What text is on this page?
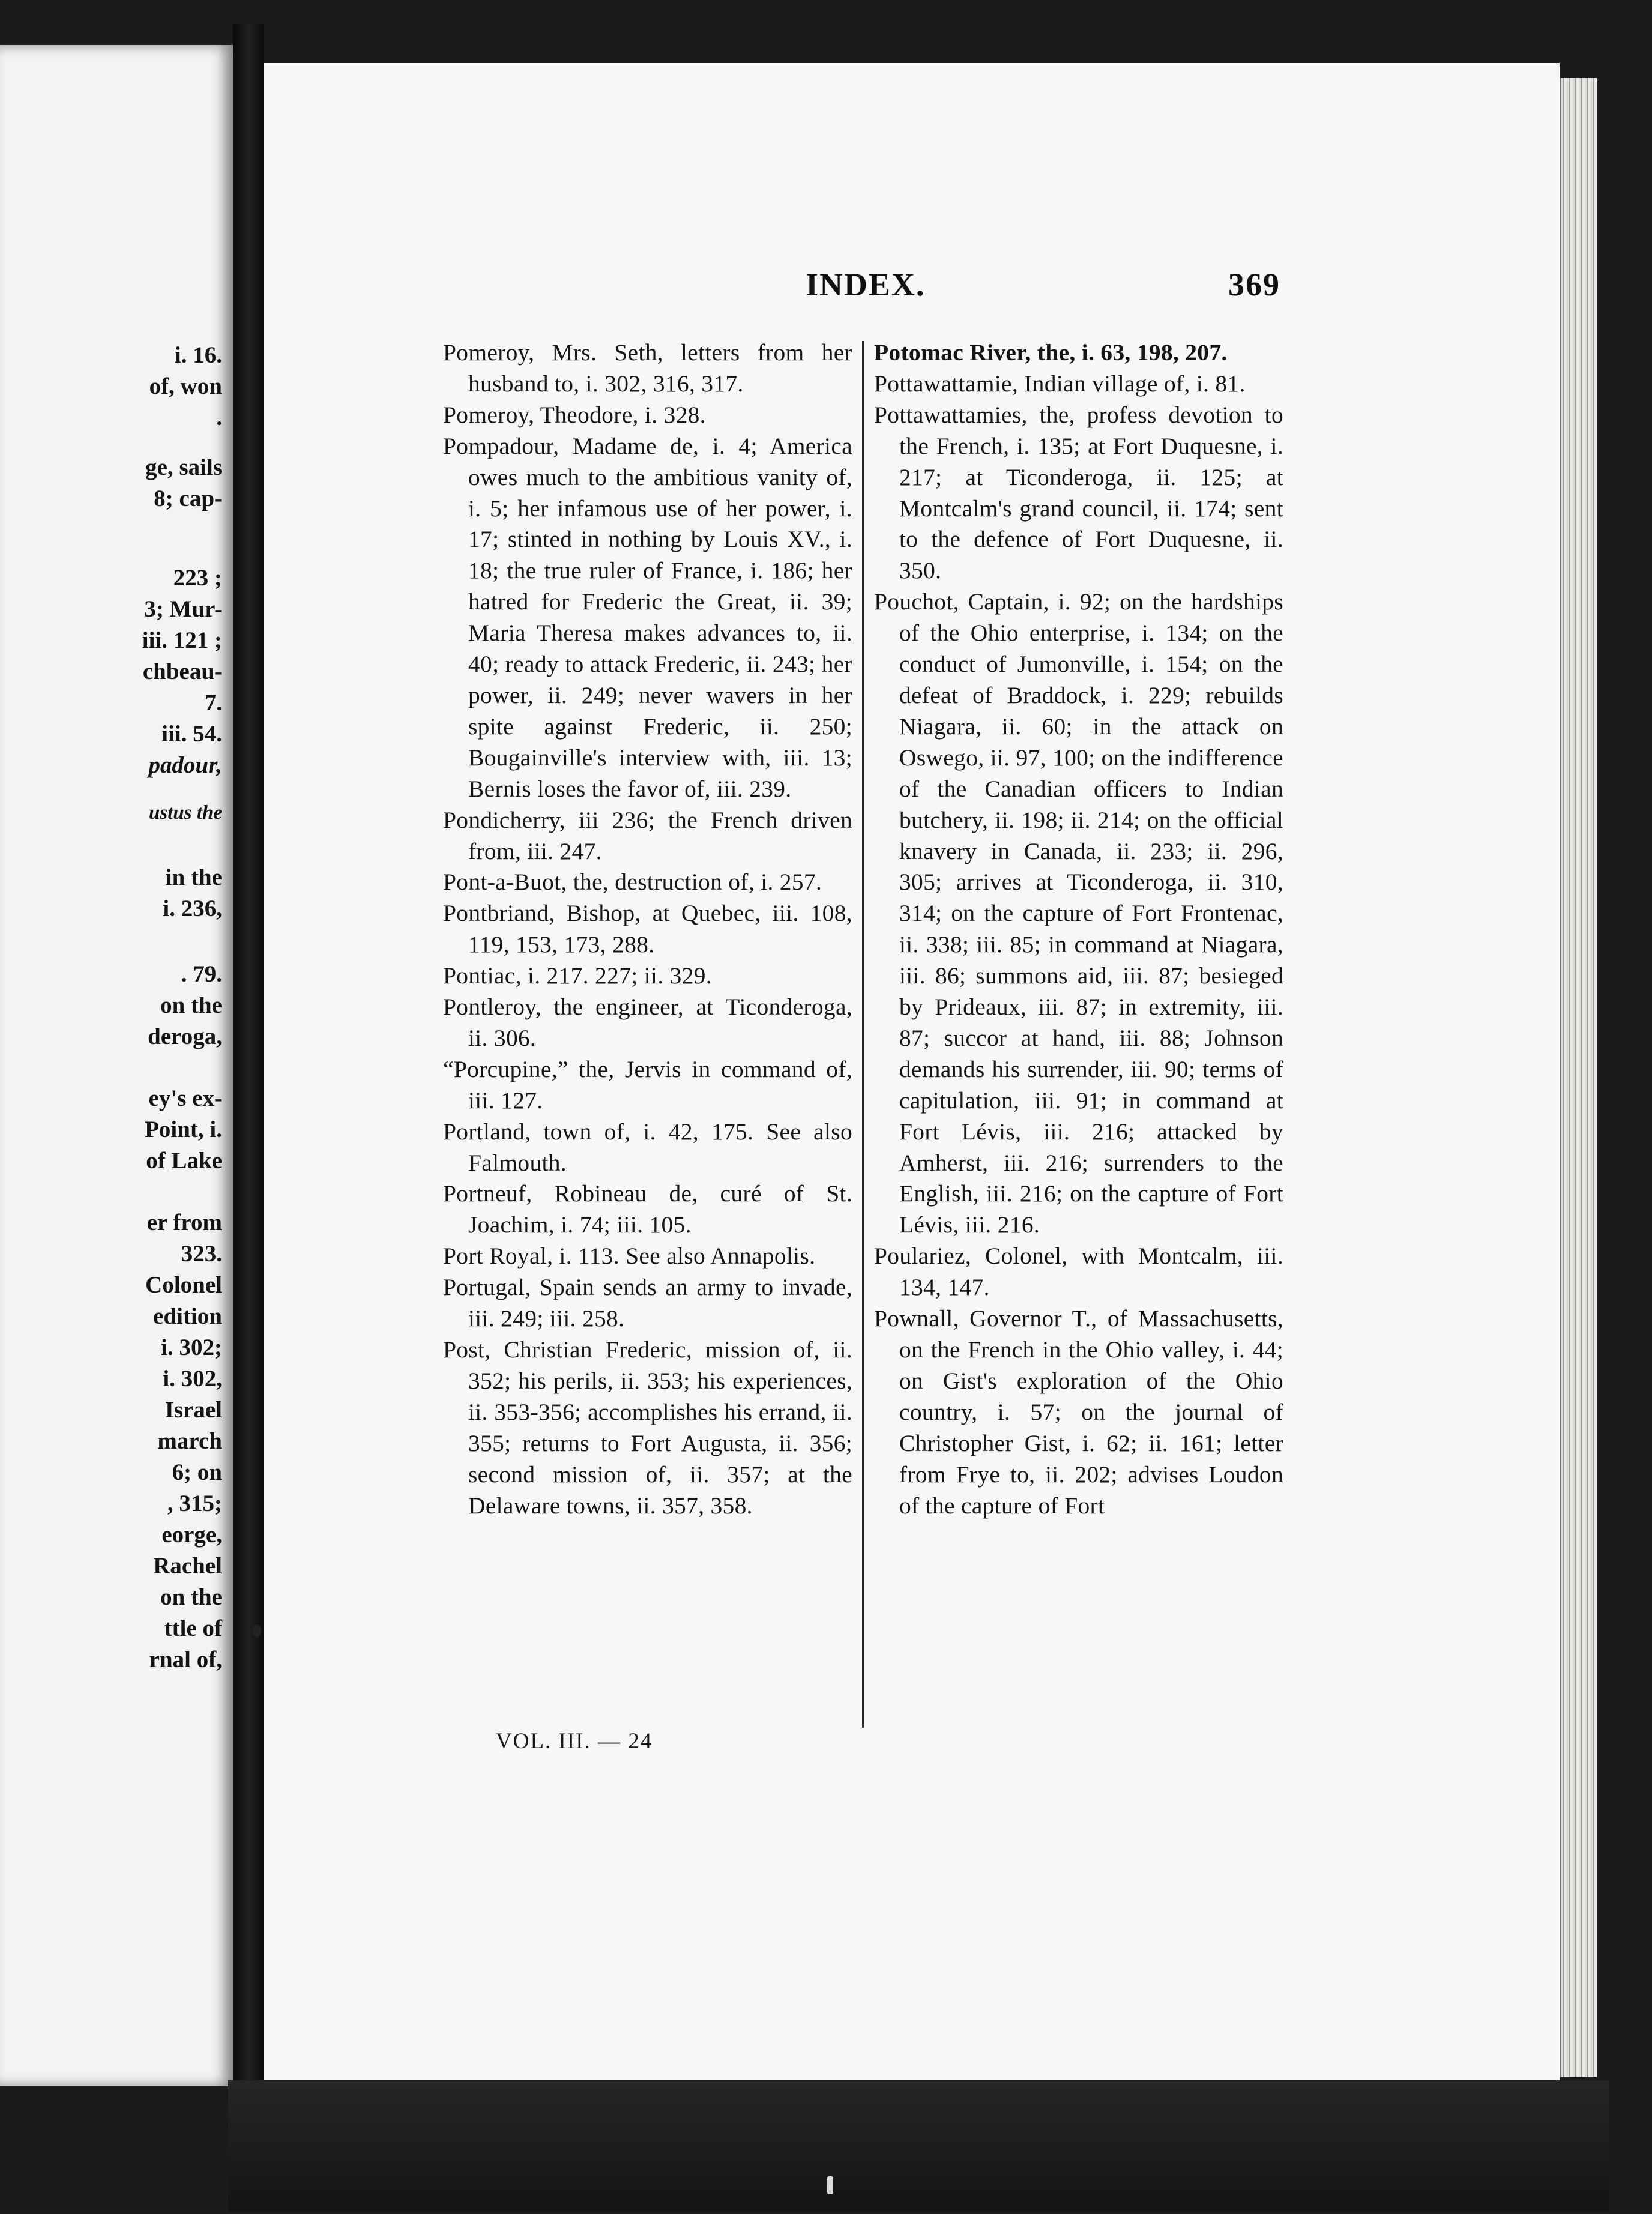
i. 16.
of, won
.
ge, sails
8; cap-
223 ;
3; Mur-
iii. 121 ;
chbeau-
7.
iii. 54.
padour,
ustus the
in the
i. 236,
. 79.
on the
deroga,
ey's ex-
Point, i.
of Lake
er from
323.
Colonel
edition
i. 302;
i. 302,
Israel
march
6; on
, 315;
eorge,
Rachel
on the
ttle of
rnal of,
INDEX.	369

Pomeroy, Mrs. Seth, letters from her husband to, i. 302, 316, 317.

Pomeroy, Theodore, i. 328.

Pompadour, Madame de, i. 4; America owes much to the ambitious vanity of, i. 5; her infamous use of her power, i. 17; stinted in nothing by Louis XV., i. 18; the true ruler of France, i. 186; her hatred for Frederic the Great, ii. 39; Maria Theresa makes advances to, ii. 40; ready to attack Frederic, ii. 243; her power, ii. 249; never wavers in her spite against Frederic, ii. 250; Bougainville's interview with, iii. 13; Bernis loses the favor of, iii. 239.

Pondicherry, iii 236; the French driven from, iii. 247.

Pont-a-Buot, the, destruction of, i. 257.

Pontbriand, Bishop, at Quebec, iii. 108, 119, 153, 173, 288.

Pontiac, i. 217. 227; ii. 329.

Pontleroy, the engineer, at Ticonderoga, ii. 306.

“Porcupine,” the, Jervis in command of, iii. 127.

Portland, town of, i. 42, 175. See also Falmouth.

Portneuf, Robineau de, curé of St. Joachim, i. 74; iii. 105.

Port Royal, i. 113. See also Annapolis.

Portugal, Spain sends an army to invade, iii. 249; iii. 258.

Post, Christian Frederic, mission of, ii. 352; his perils, ii. 353; his experiences, ii. 353-356; accomplishes his errand, ii. 355; returns to Fort Augusta, ii. 356; second mission of, ii. 357; at the Delaware towns, ii. 357, 358.

Potomac River, the, i. 63, 198, 207.

Pottawattamie, Indian village of, i. 81.

Pottawattamies, the, profess devotion to the French, i. 135; at Fort Duquesne, i. 217; at Ticonderoga, ii. 125; at Montcalm's grand council, ii. 174; sent to the defence of Fort Duquesne, ii. 350.

Pouchot, Captain, i. 92; on the hardships of the Ohio enterprise, i. 134; on the conduct of Jumonville, i. 154; on the defeat of Braddock, i. 229; rebuilds Niagara, ii. 60; in the attack on Oswego, ii. 97, 100; on the indifference of the Canadian officers to Indian butchery, ii. 198; ii. 214; on the official knavery in Canada, ii. 233; ii. 296, 305; arrives at Ticonderoga, ii. 310, 314; on the capture of Fort Frontenac, ii. 338; iii. 85; in command at Niagara, iii. 86; summons aid, iii. 87; besieged by Prideaux, iii. 87; in extremity, iii. 87; succor at hand, iii. 88; Johnson demands his surrender, iii. 90; terms of capitulation, iii. 91; in command at Fort Lévis, iii. 216; attacked by Amherst, iii. 216; surrenders to the English, iii. 216; on the capture of Fort Lévis, iii. 216.

Poulariez, Colonel, with Montcalm, iii. 134, 147.

Pownall, Governor T., of Massachusetts, on the French in the Ohio valley, i. 44; on Gist's exploration of the Ohio country, i. 57; on the journal of Christopher Gist, i. 62; ii. 161; letter from Frye to, ii. 202; advises Loudon of the capture of Fort

VOL. III. — 24
